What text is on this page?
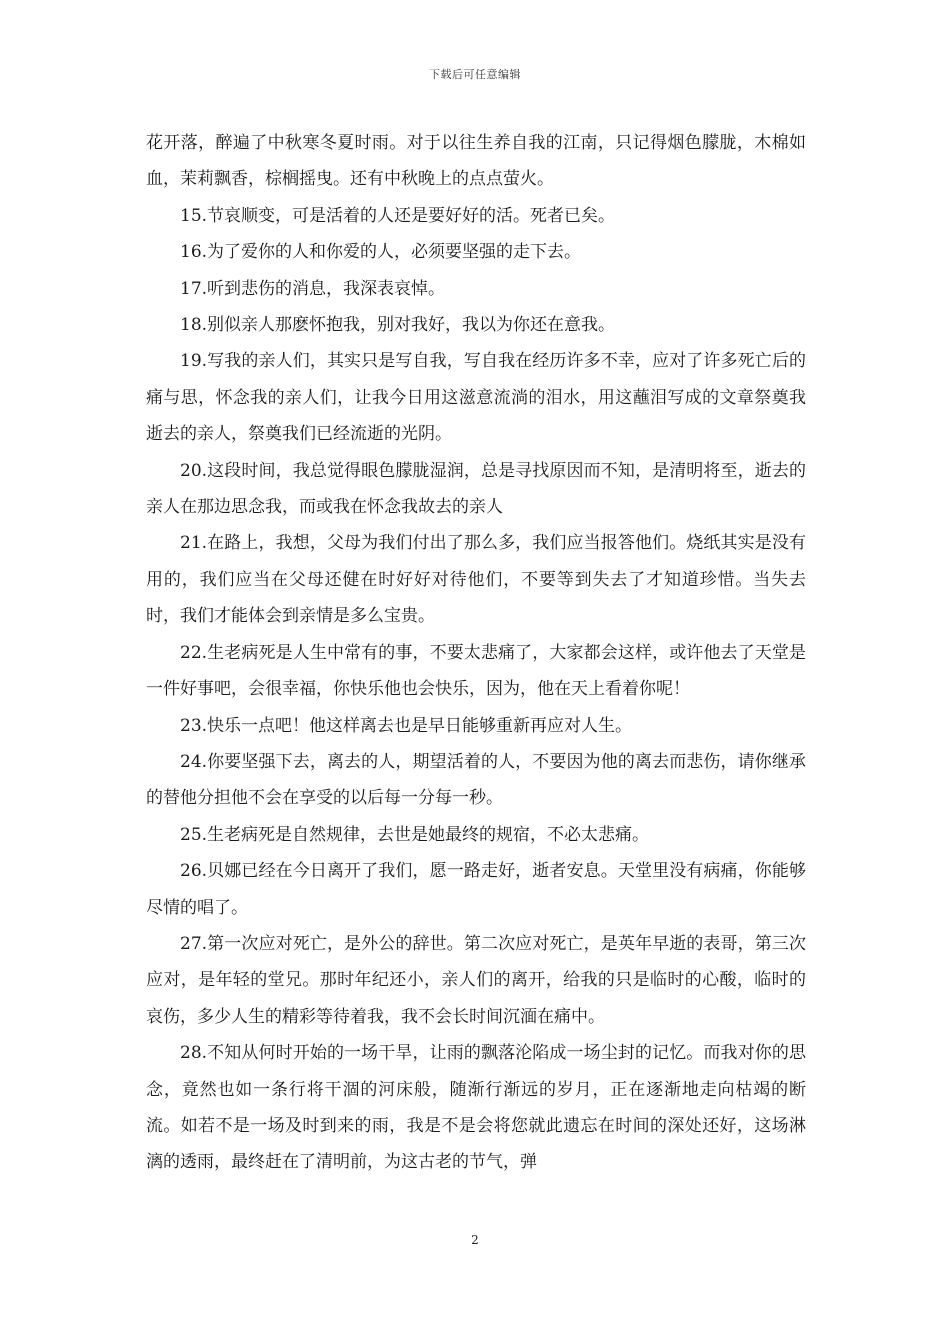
下载后可任意编辑

花开落，醉遍了中秋寒冬夏时雨。对于以往生养自我的江南，只记得烟色朦胧，木棉如血，茉莉飘香，棕榈摇曳。还有中秋晚上的点点萤火。

15.节哀顺变，可是活着的人还是要好好的活。死者已矣。

16.为了爱你的人和你爱的人，必须要坚强的走下去。

17.听到悲伤的消息，我深表哀悼。

18.别似亲人那麽怀抱我，别对我好，我以为你还在意我。

19.写我的亲人们，其实只是写自我，写自我在经历许多不幸，应对了许多死亡后的痛与思，怀念我的亲人们，让我今日用这滋意流淌的泪水，用这蘸泪写成的文章祭奠我逝去的亲人，祭奠我们已经流逝的光阴。

20.这段时间，我总觉得眼色朦胧湿润，总是寻找原因而不知，是清明将至，逝去的亲人在那边思念我，而或我在怀念我故去的亲人

21.在路上，我想，父母为我们付出了那么多，我们应当报答他们。烧纸其实是没有用的，我们应当在父母还健在时好好对待他们，不要等到失去了才知道珍惜。当失去时，我们才能体会到亲情是多么宝贵。

22.生老病死是人生中常有的事，不要太悲痛了，大家都会这样，或许他去了天堂是一件好事吧，会很幸福，你快乐他也会快乐，因为，他在天上看着你呢！

23.快乐一点吧！他这样离去也是早日能够重新再应对人生。

24.你要坚强下去，离去的人，期望活着的人，不要因为他的离去而悲伤，请你继承的替他分担他不会在享受的以后每一分每一秒。

25.生老病死是自然规律，去世是她最终的规宿，不必太悲痛。

26.贝娜已经在今日离开了我们，愿一路走好，逝者安息。天堂里没有病痛，你能够尽情的唱了。

27.第一次应对死亡，是外公的辞世。第二次应对死亡，是英年早逝的表哥，第三次应对，是年轻的堂兄。那时年纪还小，亲人们的离开，给我的只是临时的心酸，临时的哀伤，多少人生的精彩等待着我，我不会长时间沉湎在痛中。

28.不知从何时开始的一场干旱，让雨的飘落沦陷成一场尘封的记忆。而我对你的思念，竟然也如一条行将干涸的河床般，随渐行渐远的岁月，正在逐渐地走向枯竭的断流。如若不是一场及时到来的雨，我是不是会将您就此遗忘在时间的深处还好，这场淋漓的透雨，最终赶在了清明前，为这古老的节气，弹

2
